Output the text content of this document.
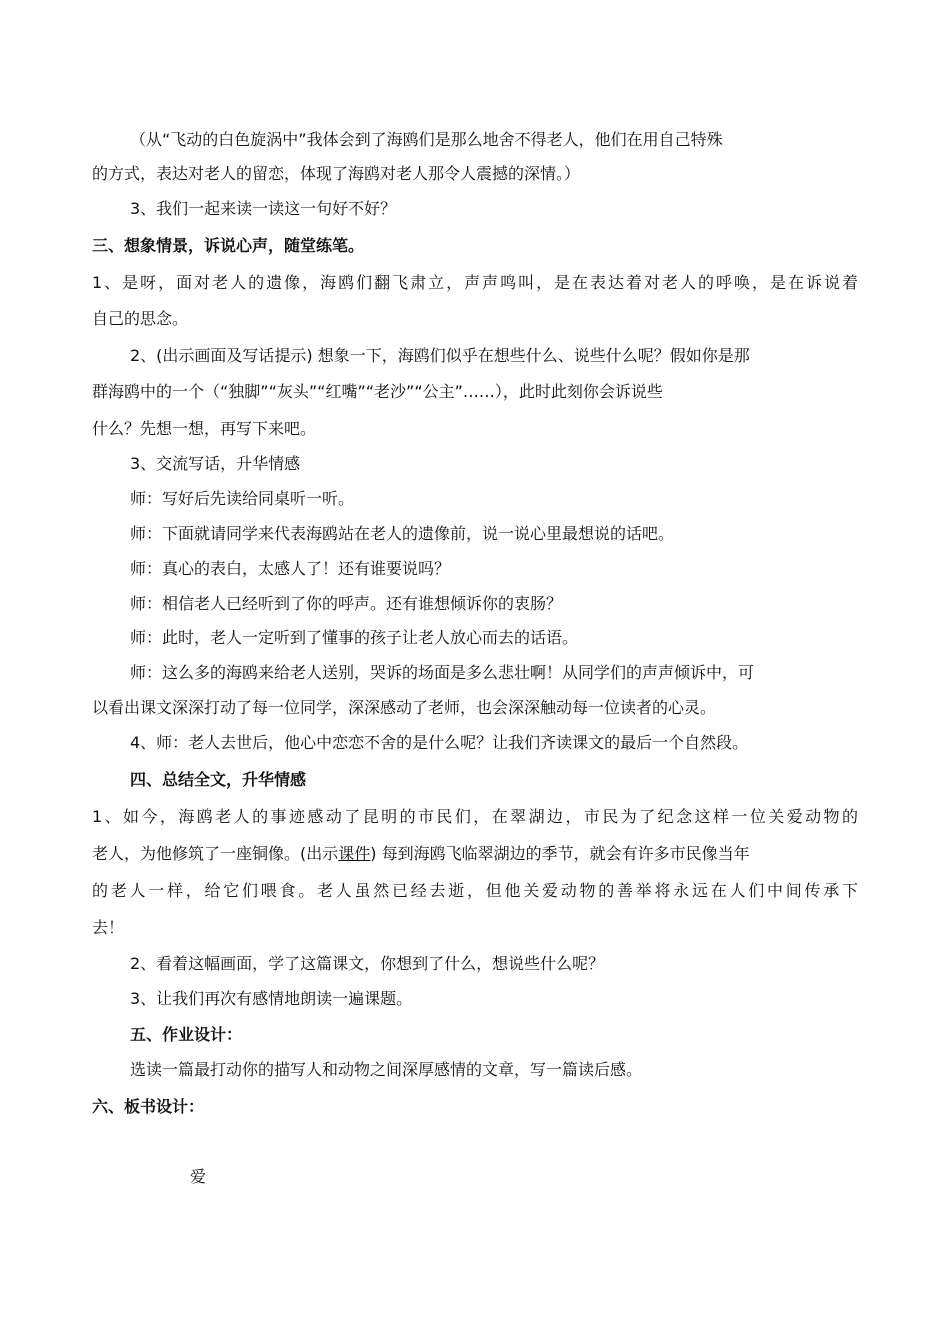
（从“飞动的白色旋涡中”我体会到了海鸥们是那么地舍不得老人，他们在用自己特殊
的方式，表达对老人的留恋，体现了海鸥对老人那令人震撼的深情。）
3、我们一起来读一读这一句好不好？
三、想象情景，诉说心声，随堂练笔。
1、是呀，面对老人的遗像，海鸥们翻飞肃立，声声鸣叫，是在表达着对老人的呼唤，是在诉说着
自己的思念。
2、(出示画面及写话提示) 想象一下，海鸥们似乎在想些什么、说些什么呢？假如你是那
群海鸥中的一个（“独脚”“灰头”“红嘴”“老沙”“公主”……），此时此刻你会诉说些
什么？先想一想，再写下来吧。
3、交流写话，升华情感
师：写好后先读给同桌听一听。
师：下面就请同学来代表海鸥站在老人的遗像前，说一说心里最想说的话吧。
师：真心的表白，太感人了！还有谁要说吗？
师：相信老人已经听到了你的呼声。还有谁想倾诉你的衷肠？
师：此时，老人一定听到了懂事的孩子让老人放心而去的话语。
师：这么多的海鸥来给老人送别，哭诉的场面是多么悲壮啊！从同学们的声声倾诉中，可
以看出课文深深打动了每一位同学，深深感动了老师，也会深深触动每一位读者的心灵。
4、师：老人去世后，他心中恋恋不舍的是什么呢？让我们齐读课文的最后一个自然段。
四、总结全文，升华情感
1、如今，海鸥老人的事迹感动了昆明的市民们，在翠湖边，市民为了纪念这样一位关爱动物的
老人，为他修筑了一座铜像。(出示课件) 每到海鸥飞临翠湖边的季节，就会有许多市民像当年
的老人一样，给它们喂食。老人虽然已经去逝，但他关爱动物的善举将永远在人们中间传承下
去！
2、看着这幅画面，学了这篇课文，你想到了什么，想说些什么呢？
3、让我们再次有感情地朗读一遍课题。
五、作业设计：
选读一篇最打动你的描写人和动物之间深厚感情的文章，写一篇读后感。
六、板书设计：
爱
